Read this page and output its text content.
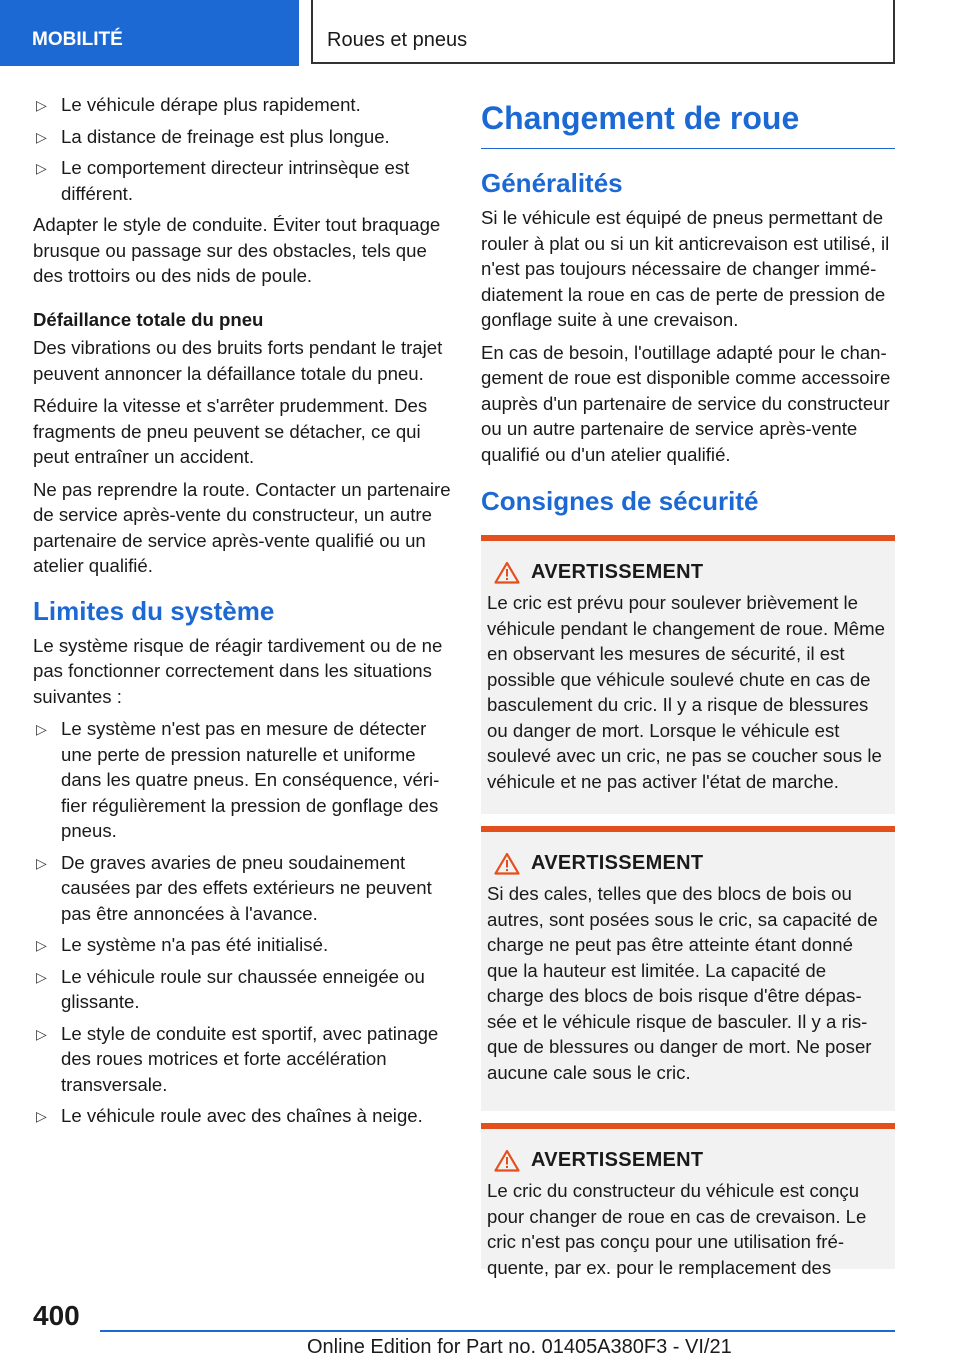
MOBILITÉ	Roues et pneus
▷ Le véhicule dérape plus rapidement.
▷ La distance de freinage est plus longue.
▷ Le comportement directeur intrinsèque est différent.

Adapter le style de conduite. Éviter tout braquage brusque ou passage sur des obstacles, tels que des trottoirs ou des nids de poule.

Défaillance totale du pneu

Des vibrations ou des bruits forts pendant le trajet peuvent annoncer la défaillance totale du pneu.

Réduire la vitesse et s'arrêter prudemment. Des fragments de pneu peuvent se détacher, ce qui peut entraîner un accident.

Ne pas reprendre la route. Contacter un partenaire de service après-vente du constructeur, un autre partenaire de service après-vente qualifié ou un atelier qualifié.

Limites du système

Le système risque de réagir tardivement ou de ne pas fonctionner correctement dans les situations suivantes :

▷ Le système n'est pas en mesure de détecter une perte de pression naturelle et uniforme dans les quatre pneus. En conséquence, vérifier régulièrement la pression de gonflage des pneus.
▷ De graves avaries de pneu soudainement causées par des effets extérieurs ne peuvent pas être annoncées à l'avance.
▷ Le système n'a pas été initialisé.
▷ Le véhicule roule sur chaussée enneigée ou glissante.
▷ Le style de conduite est sportif, avec patinage des roues motrices et forte accélération transversale.
▷ Le véhicule roule avec des chaînes à neige.
Changement de roue
Généralités

Si le véhicule est équipé de pneus permettant de rouler à plat ou si un kit anticrevaison est utilisé, il n'est pas toujours nécessaire de changer immédiatement la roue en cas de perte de pression de gonflage suite à une crevaison.

En cas de besoin, l'outillage adapté pour le changement de roue est disponible comme accessoire auprès d'un partenaire de service du constructeur ou un autre partenaire de service après-vente qualifié ou d'un atelier qualifié.

Consignes de sécurité
AVERTISSEMENT

Le cric est prévu pour soulever brièvement le véhicule pendant le changement de roue. Même en observant les mesures de sécurité, il est possible que véhicule soulevé chute en cas de basculement du cric. Il y a risque de blessures ou danger de mort. Lorsque le véhicule est soulevé avec un cric, ne pas se coucher sous le véhicule et ne pas activer l'état de marche.

AVERTISSEMENT

Si des cales, telles que des blocs de bois ou autres, sont posées sous le cric, sa capacité de charge ne peut pas être atteinte étant donné que la hauteur est limitée. La capacité de charge des blocs de bois risque d'être dépassée et le véhicule risque de basculer. Il y a risque de blessures ou danger de mort. Ne poser aucune cale sous le cric.

AVERTISSEMENT

Le cric du constructeur du véhicule est conçu pour changer de roue en cas de crevaison. Le cric n'est pas conçu pour une utilisation fréquente, par ex. pour le remplacement des

400
Online Edition for Part no. 01405A380F3 - VI/21
